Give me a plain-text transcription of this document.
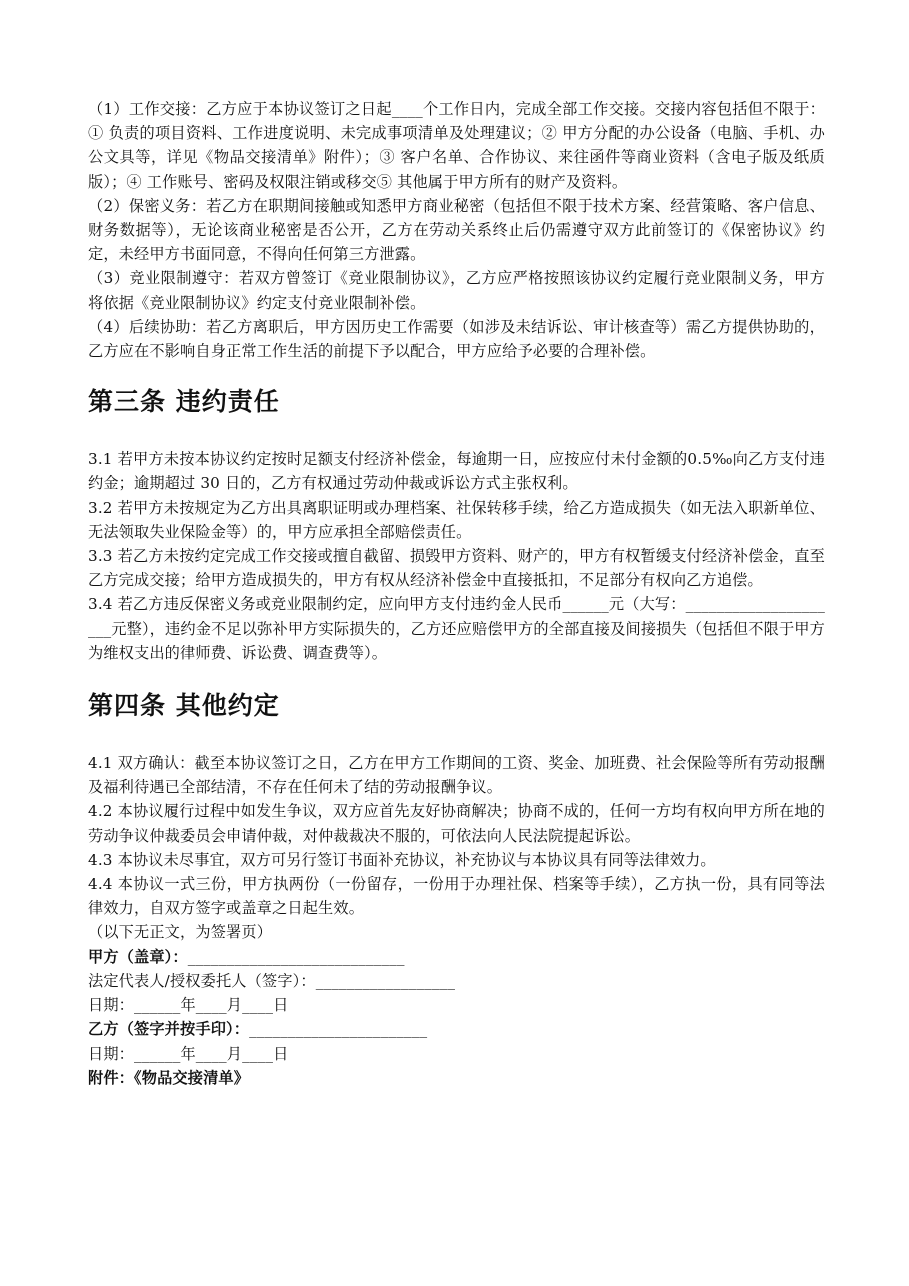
（1）工作交接：乙方应于本协议签订之日起____个工作日内，完成全部工作交接。交接内容包括但不限于：① 负责的项目资料、工作进度说明、未完成事项清单及处理建议；② 甲方分配的办公设备（电脑、手机、办公文具等，详见《物品交接清单》附件）；③ 客户名单、合作协议、来往函件等商业资料（含电子版及纸质版）；④ 工作账号、密码及权限注销或移交⑤ 其他属于甲方所有的财产及资料。

（2）保密义务：若乙方在职期间接触或知悉甲方商业秘密（包括但不限于技术方案、经营策略、客户信息、财务数据等），无论该商业秘密是否公开，乙方在劳动关系终止后仍需遵守双方此前签订的《保密协议》约定，未经甲方书面同意，不得向任何第三方泄露。

（3）竞业限制遵守：若双方曾签订《竞业限制协议》，乙方应严格按照该协议约定履行竞业限制义务，甲方将依据《竞业限制协议》约定支付竞业限制补偿。

（4）后续协助：若乙方离职后，甲方因历史工作需要（如涉及未结诉讼、审计核查等）需乙方提供协助的，乙方应在不影响自身正常工作生活的前提下予以配合，甲方应给予必要的合理补偿。

第三条 违约责任

3.1 若甲方未按本协议约定按时足额支付经济补偿金，每逾期一日，应按应付未付金额的0.5‰向乙方支付违约金；逾期超过 30 日的，乙方有权通过劳动仲裁或诉讼方式主张权利。

3.2 若甲方未按规定为乙方出具离职证明或办理档案、社保转移手续，给乙方造成损失（如无法入职新单位、无法领取失业保险金等）的，甲方应承担全部赔偿责任。

3.3 若乙方未按约定完成工作交接或擅自截留、损毁甲方资料、财产的，甲方有权暂缓支付经济补偿金，直至乙方完成交接；给甲方造成损失的，甲方有权从经济补偿金中直接抵扣，不足部分有权向乙方追偿。

3.4 若乙方违反保密义务或竞业限制约定，应向甲方支付违约金人民币______元（大写：_____________________元整），违约金不足以弥补甲方实际损失的，乙方还应赔偿甲方的全部直接及间接损失（包括但不限于甲方为维权支出的律师费、诉讼费、调查费等）。

第四条 其他约定

4.1 双方确认：截至本协议签订之日，乙方在甲方工作期间的工资、奖金、加班费、社会保险等所有劳动报酬及福利待遇已全部结清，不存在任何未了结的劳动报酬争议。

4.2 本协议履行过程中如发生争议，双方应首先友好协商解决；协商不成的，任何一方均有权向甲方所在地的劳动争议仲裁委员会申请仲裁，对仲裁裁决不服的，可依法向人民法院提起诉讼。

4.3 本协议未尽事宜，双方可另行签订书面补充协议，补充协议与本协议具有同等法律效力。

4.4 本协议一式三份，甲方执两份（一份留存，一份用于办理社保、档案等手续），乙方执一份，具有同等法律效力，自双方签字或盖章之日起生效。

（以下无正文，为签署页）

甲方（盖章）：____________________________

法定代表人/授权委托人（签字）：__________________

日期：______年____月____日

乙方（签字并按手印）：_______________________

日期：______年____月____日

附件：《物品交接清单》
